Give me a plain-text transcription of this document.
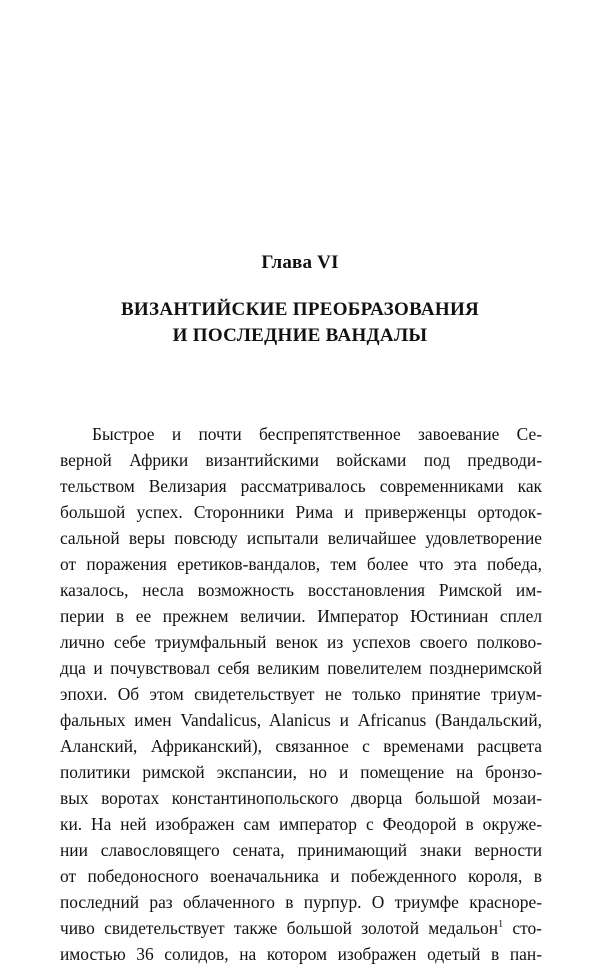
Глава VI
ВИЗАНТИЙСКИЕ ПРЕОБРАЗОВАНИЯ
И ПОСЛЕДНИЕ ВАНДАЛЫ
Быстрое и почти беспрепятственное завоевание Се-
верной Африки византийскими войсками под предводи-
тельством Велизария рассматривалось современниками как
большой успех. Сторонники Рима и приверженцы ортодок-
сальной веры повсюду испытали величайшее удовлетворение
от поражения еретиков-вандалов, тем более что эта победа,
казалось, несла возможность восстановления Римской им-
перии в ее прежнем величии. Император Юстиниан сплел
лично себе триумфальный венок из успехов своего полково-
дца и почувствовал себя великим повелителем позднеримской
эпохи. Об этом свидетельствует не только принятие триум-
фальных имен Vandalicus, Alanicus и Africanus (Вандальский,
Аланский, Африканский), связанное с временами расцвета
политики римской экспансии, но и помещение на бронзо-
вых воротах константинопольского дворца большой мозаи-
ки. На ней изображен сам император с Феодорой в окруже-
нии славословящего сената, принимающий знаки верности
от победоносного военачальника и побежденного короля, в
последний раз облаченного в пурпур. О триумфе красноре-
чиво свидетельствует также большой золотой медальон$^1$ сто-
имостью 36 солидов, на котором изображен одетый в пан-
